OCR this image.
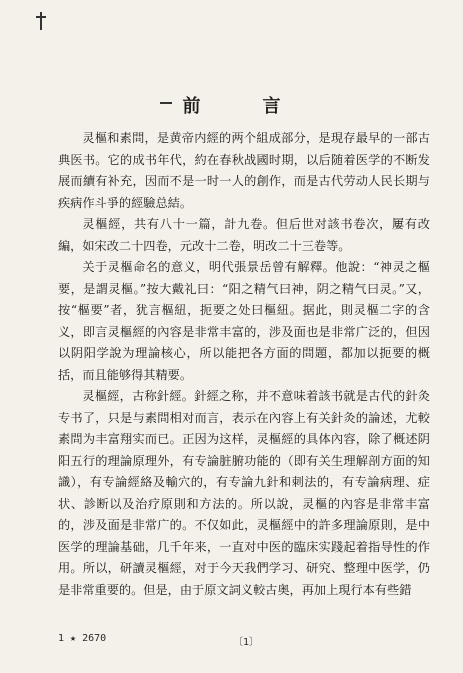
前　言

灵樞和素問，是黄帝内經的两个組成部分，是現存最早的一部古典医书。它的成书年代，約在春秋战國时期，以后随着医学的不断发展而續有补充，因而不是一时一人的創作，而是古代劳动人民长期与疾病作斗爭的經驗总結。

灵樞經，共有八十一篇，計九卷。但后世对該书卷次，屢有改編，如宋改二十四卷，元改十二卷，明改二十三卷等。

关于灵樞命名的意义，明代張景岳曾有解釋。他說：“神灵之樞要，是謂灵樞。”按大戴礼曰：“阳之精气曰神，阴之精气曰灵。”又，按“樞要”者，犹言樞紐，扼要之处曰樞紐。据此，則灵樞二字的含义，即言灵樞經的內容是非常丰富的，涉及面也是非常广泛的，但因以阴阳学說为理論核心，所以能把各方面的問題，都加以扼要的概括，而且能够得其精要。

灵樞經，古称針經。針經之称，并不意味着該书就是古代的針灸专书了，只是与素問相对而言，表示在內容上有关針灸的論述，尤較素問为丰富翔实而已。正因为这样，灵樞經的具体內容，除了概述阴阳五行的理論原理外，有专論脏腑功能的（即有关生理解剖方面的知識），有专論經絡及輸穴的，有专論九針和刺法的，有专論病理、症状、診断以及治疗原則和方法的。所以說，灵樞的內容是非常丰富的，涉及面是非常广的。不仅如此，灵樞經中的許多理論原則，是中医学的理論基础，几千年来，一直对中医的臨床实踐起着指导性的作用。所以，研讀灵樞經，对于今天我們学习、研究、整理中医学，仍是非常重要的。但是，由于原文詞义較古奥，再加上現行本有些錯

1 ★ 2670	〔1〕
